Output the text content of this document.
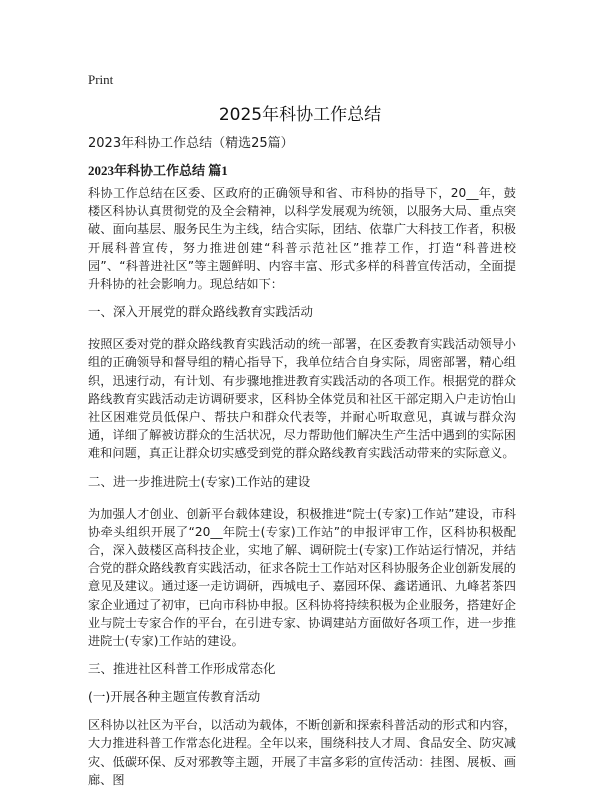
Print
2025年科协工作总结

2023年科协工作总结（精选25篇）

2023年科协工作总结 篇1

科协工作总结在区委、区政府的正确领导和省、市科协的指导下，20__年，鼓楼区科协认真贯彻党的及全会精神，以科学发展观为统领，以服务大局、重点突破、面向基层、服务民生为主线，结合实际，团结、依靠广大科技工作者，积极开展科普宣传，努力推进创建“科普示范社区”推荐工作，打造“科普进校园”、“科普进社区”等主题鲜明、内容丰富、形式多样的科普宣传活动，全面提升科协的社会影响力。现总结如下：

一、深入开展党的群众路线教育实践活动

按照区委对党的群众路线教育实践活动的统一部署，在区委教育实践活动领导小组的正确领导和督导组的精心指导下，我单位结合自身实际，周密部署，精心组织，迅速行动，有计划、有步骤地推进教育实践活动的各项工作。根据党的群众路线教育实践活动走访调研要求，区科协全体党员和社区干部定期入户走访怡山社区困难党员低保户、帮扶户和群众代表等，并耐心听取意见，真诚与群众沟通，详细了解被访群众的生活状况，尽力帮助他们解决生产生活中遇到的实际困难和问题，真正让群众切实感受到党的群众路线教育实践活动带来的实际意义。

二、进一步推进院士(专家)工作站的建设

为加强人才创业、创新平台载体建设，积极推进“院士(专家)工作站”建设，市科协牵头组织开展了“20__年院士(专家)工作站”的申报评审工作，区科协积极配合，深入鼓楼区高科技企业，实地了解、调研院士(专家)工作站运行情况，并结合党的群众路线教育实践活动，征求各院士工作站对区科协服务企业创新发展的意见及建议。通过逐一走访调研，西城电子、嘉园环保、鑫诺通讯、九峰茗茶四家企业通过了初审，已向市科协申报。区科协将持续积极为企业服务，搭建好企业与院士专家合作的平台，在引进专家、协调建站方面做好各项工作，进一步推进院士(专家)工作站的建设。

三、推进社区科普工作形成常态化

(一)开展各种主题宣传教育活动

区科协以社区为平台，以活动为载体，不断创新和探索科普活动的形式和内容，大力推进科普工作常态化进程。全年以来，围绕科技人才周、食品安全、防灾减灾、低碳环保、反对邪教等主题，开展了丰富多彩的宣传活动：挂图、展板、画廊、图
